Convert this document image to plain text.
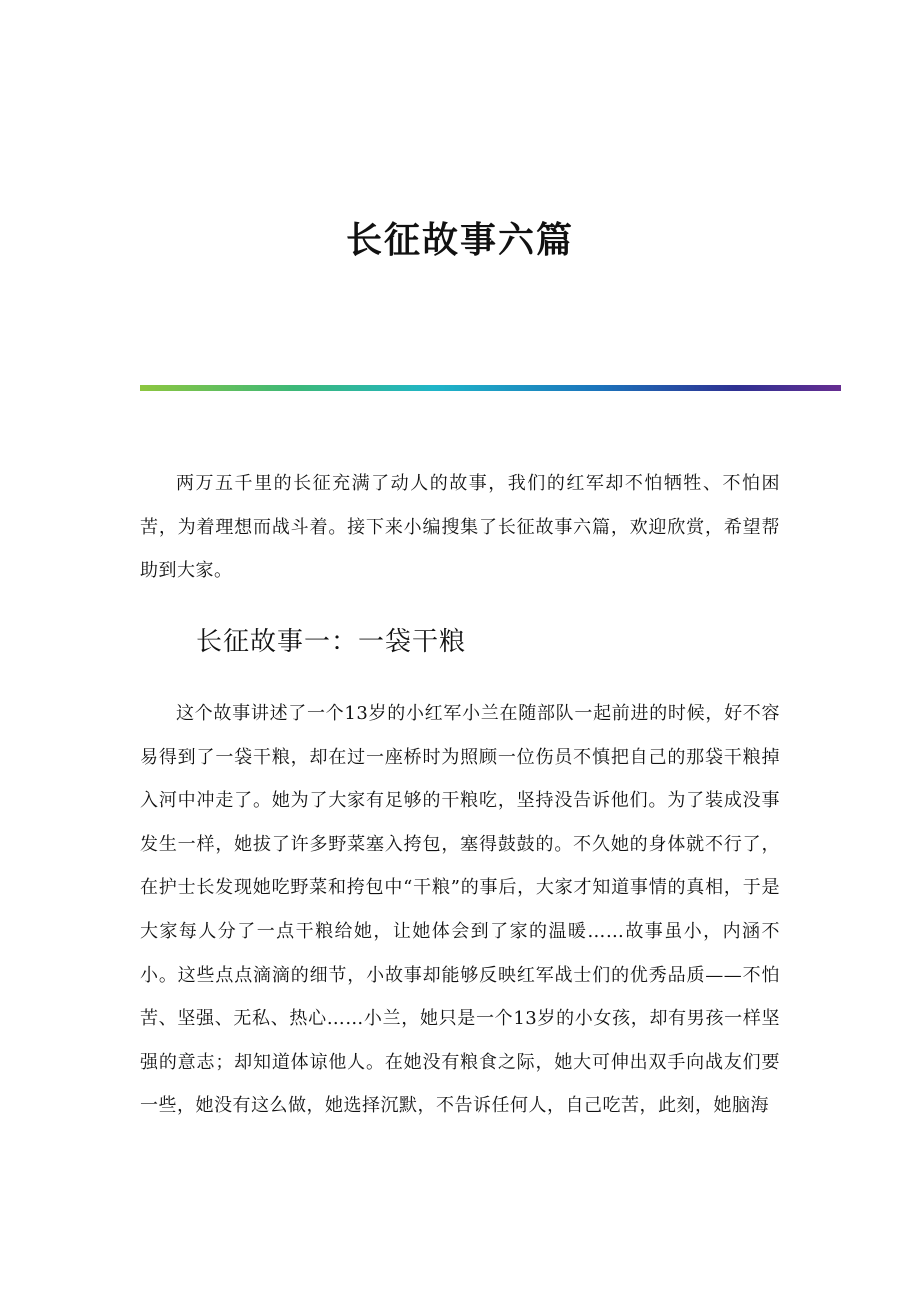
长征故事六篇

两万五千里的长征充满了动人的故事，我们的红军却不怕牺牲、不怕困苦，为着理想而战斗着。接下来小编搜集了长征故事六篇，欢迎欣赏，希望帮助到大家。

长征故事一：一袋干粮

这个故事讲述了一个13岁的小红军小兰在随部队一起前进的时候，好不容易得到了一袋干粮，却在过一座桥时为照顾一位伤员不慎把自己的那袋干粮掉入河中冲走了。她为了大家有足够的干粮吃，坚持没告诉他们。为了装成没事发生一样，她拔了许多野菜塞入挎包，塞得鼓鼓的。不久她的身体就不行了，在护士长发现她吃野菜和挎包中“干粮”的事后，大家才知道事情的真相，于是大家每人分了一点干粮给她，让她体会到了家的温暖……故事虽小，内涵不小。这些点点滴滴的细节，小故事却能够反映红军战士们的优秀品质——不怕苦、坚强、无私、热心……小兰，她只是一个13岁的小女孩，却有男孩一样坚强的意志；却知道体谅他人。在她没有粮食之际，她大可伸出双手向战友们要一些，她没有这么做，她选择沉默，不告诉任何人，自己吃苦，此刻，她脑海
